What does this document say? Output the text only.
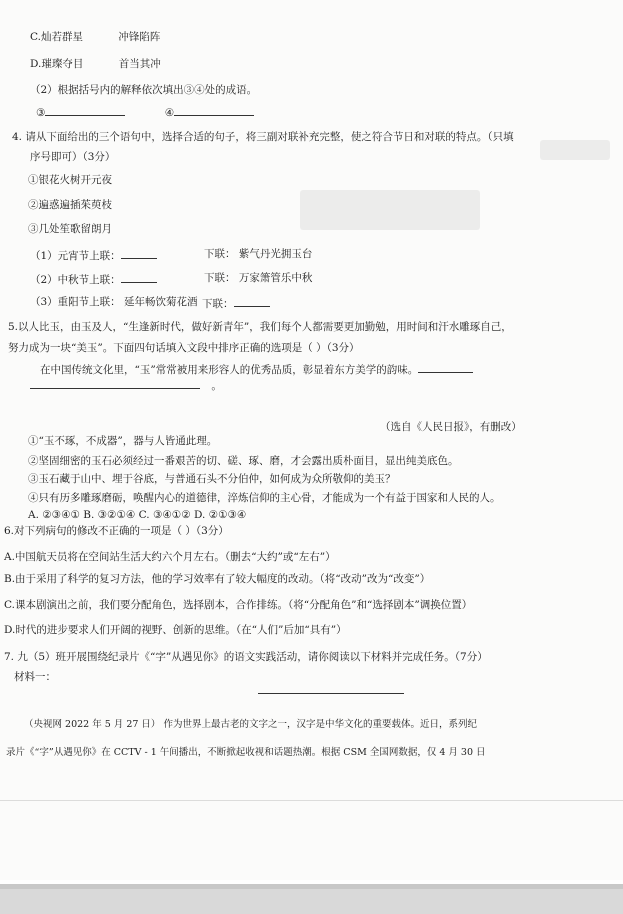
C.灿若群星	冲锋陷阵
D.璀璨夺目	首当其冲
（2）根据括号内的解释依次填出③④处的成语。
③	④
4. 请从下面给出的三个语句中，选择合适的句子，将三副对联补充完整，使之符合节日和对联的特点。（只填
序号即可）（3分）
①银花火树开元夜
②遍惑遍插茱萸枝
③几处笙歌留朗月
（1）元宵节上联：	下联： 紫气丹光拥玉台
（2）中秋节上联：	下联： 万家箫管乐中秋
（3）重阳节上联： 延年畅饮菊花酒 下联：
5.以人比玉，由玉及人，“生逢新时代，做好新青年”，我们每个人都需要更加勤勉，用时间和汗水雕琢自己，
努力成为一块“美玉”。下面四句话填入文段中排序正确的选项是（ ）（3分）
在中国传统文化里，“玉”常常被用来形容人的优秀品质，彰显着东方美学的韵味。
。
（选自《人民日报》，有删改）
①“玉不琢，不成器”，器与人皆通此理。
②坚固细密的玉石必须经过一番艰苦的切、磋、琢、磨，才会露出质朴面目，显出纯美底色。
③玉石藏于山中、埋于谷底，与普通石头不分伯仲，如何成为众所敬仰的美玉？
④只有历多雕琢磨砺，唤醒内心的道德律，淬炼信仰的主心骨，才能成为一个有益于国家和人民的人。
A. ②③④① B. ③②①④ C. ③④①② D. ②①③④
6.对下列病句的修改不正确的一项是（ ）（3分）
A.中国航天员将在空间站生活大约六个月左右。（删去“大约”或“左右”）
B.由于采用了科学的复习方法，他的学习效率有了较大幅度的改动。（将“改动”改为“改变”）
C.课本剧演出之前，我们要分配角色，选择剧本，合作排练。（将“分配角色”和“选择剧本”调换位置）
D.时代的进步要求人们开阔的视野、创新的思维。（在“人们”后加“具有”）
7. 九（5）班开展围绕纪录片《“字”从遇见你》的语文实践活动，请你阅读以下材料并完成任务。（7分）
材料一：
（央视网 2022 年 5 月 27 日） 作为世界上最古老的文字之一，汉字是中华文化的重要载体。近日，系列纪
录片《“字”从遇见你》在 CCTV - 1 午间播出，不断掀起收视和话题热潮。根据 CSM 全国网数据，仅 4 月 30 日
